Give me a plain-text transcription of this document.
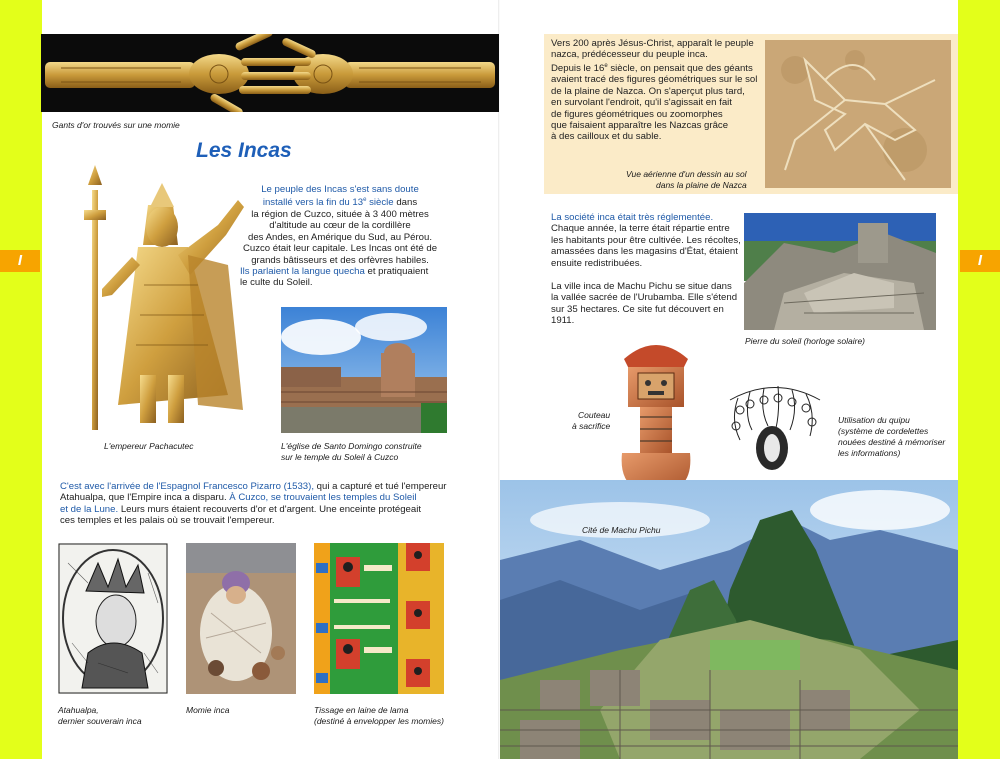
I	I
Gants d'or trouvés sur une momie
Les Incas

Le peuple des Incas s'est sans doute

installé vers la fin du 13e siècle dans

la région de Cuzco, située à 3 400 mètres

d'altitude au cœur de la cordillère

des Andes, en Amérique du Sud, au Pérou.

Cuzco était leur capitale. Les Incas ont été de

grands bâtisseurs et des orfèvres habiles.

Ils parlaient la langue quecha et pratiquaient

le culte du Soleil.

L'empereur Pachacutec	L'église de Santo Domingo construite
sur le temple du Soleil à Cuzco

C'est avec l'arrivée de l'Espagnol Francesco Pizarro (1533), qui a capturé et tué l'empereur

Atahualpa, que l'Empire inca a disparu. À Cuzco, se trouvaient les temples du Soleil

et de la Lune. Leurs murs étaient recouverts d'or et d'argent. Une enceinte protégeait

ces temples et les palais où se trouvait l'empereur.

Atahualpa,
dernier souverain inca
Momie inca	Tissage en laine de lama
(destiné à envelopper les momies)

Vers 200 après Jésus-Christ, apparaît le peuple

nazca, prédécesseur du peuple inca.

Depuis le 16e siècle, on pensait que des géants

avaient tracé des figures géométriques sur le sol

de la plaine de Nazca. On s'aperçut plus tard,

en survolant l'endroit, qu'il s'agissait en fait

de figures géométriques ou zoomorphes

que faisaient apparaître les Nazcas grâce

à des cailloux et du sable.

Vue aérienne d'un dessin au sol
dans la plaine de Nazca

La société inca était très réglementée.

Chaque année, la terre était répartie entre

les habitants pour être cultivée. Les récoltes,

amassées dans les magasins d'État, étaient

ensuite redistribuées.

La ville inca de Machu Pichu se situe dans

la vallée sacrée de l'Urubamba. Elle s'étend

sur 35 hectares. Ce site fut découvert en 1911.

Pierre du soleil (horloge solaire)
Couteau
à sacrifice
Utilisation du quipu
(système de cordelettes
nouées destiné à mémoriser
les informations)
Cité de Machu Pichu
